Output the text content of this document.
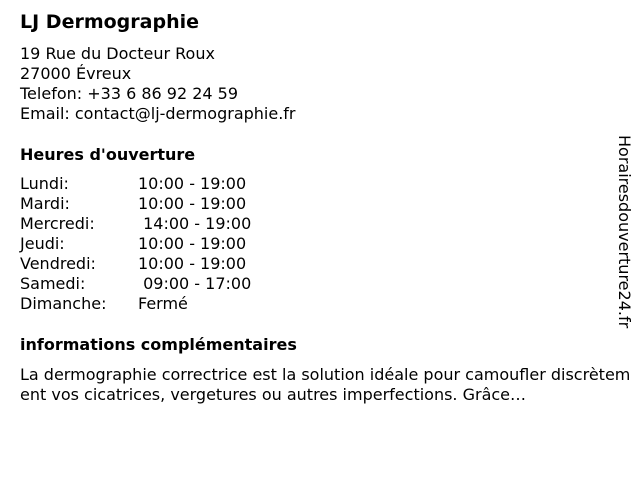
LJ Dermographie
19 Rue du Docteur Roux
27000 Évreux
Telefon: +33 6 86 92 24 59
Email: contact@lj-dermographie.fr
Heures d'ouverture
Lundi:	10:00 - 19:00
Mardi:	10:00 - 19:00
Mercredi:	14:00 - 19:00
Jeudi:	10:00 - 19:00
Vendredi:	10:00 - 19:00
Samedi:	09:00 - 17:00
Dimanche:	Fermé
informations complémentaires

La dermographie correctrice est la solution idéale pour camoufler discrètement vos cicatrices, vergetures ou autres imperfections. Grâce…

Horairesdouverture24.fr
